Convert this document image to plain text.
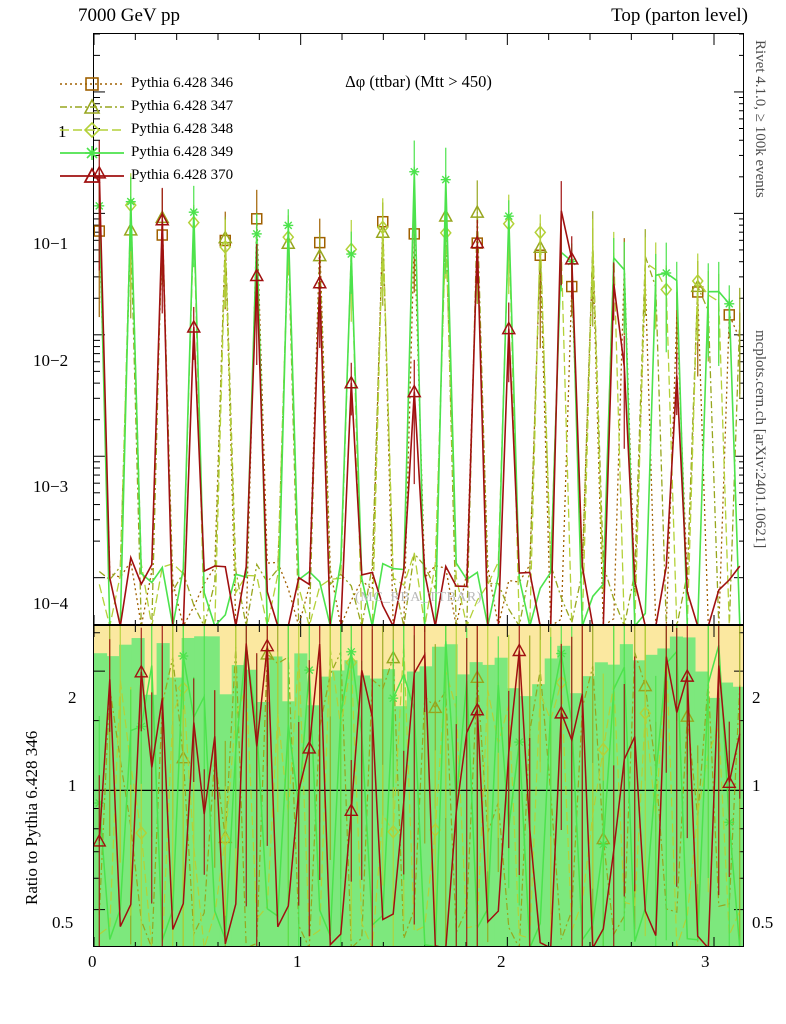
7000 GeV pp	Top (parton level)
Rivet 4.1.0, ≥ 100k events
mcplots.cern.ch [arXiv:2401.10621]
Ratio to Pythia 6.428 346
Δφ (ttbar) (Mtt > 450)
(MC_RBA_TTBAR)
1
10−1
10−2
10−3
10−4
Pythia 6.428 346
Pythia 6.428 347
Pythia 6.428 348
Pythia 6.428 349
Pythia 6.428 370
2
1
0.5
2
1
0.5
0	1	2	3
